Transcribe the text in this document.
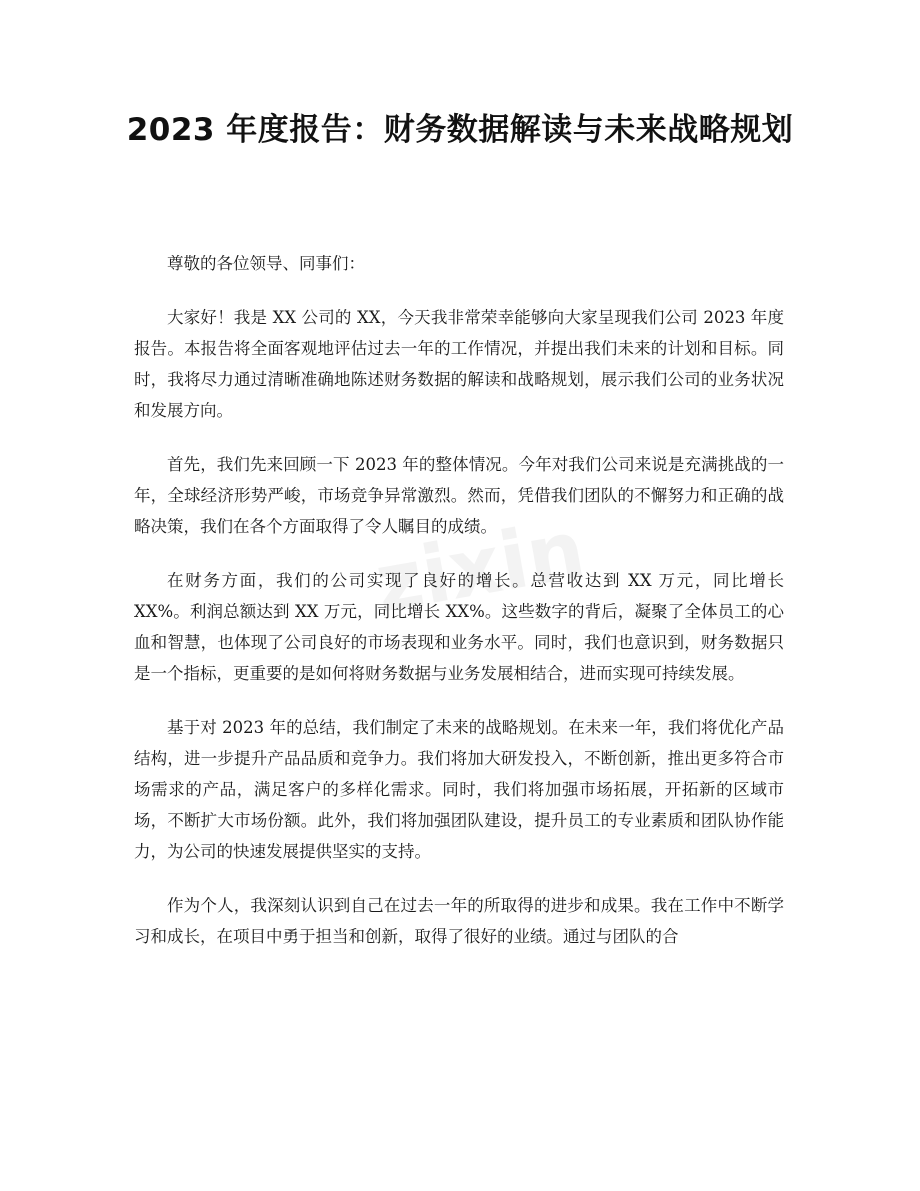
2023 年度报告：财务数据解读与未来战略规划

尊敬的各位领导、同事们：

大家好！我是 XX 公司的 XX，今天我非常荣幸能够向大家呈现我们公司 2023 年度报告。本报告将全面客观地评估过去一年的工作情况，并提出我们未来的计划和目标。同时，我将尽力通过清晰准确地陈述财务数据的解读和战略规划，展示我们公司的业务状况和发展方向。

首先，我们先来回顾一下 2023 年的整体情况。今年对我们公司来说是充满挑战的一年，全球经济形势严峻，市场竞争异常激烈。然而，凭借我们团队的不懈努力和正确的战略决策，我们在各个方面取得了令人瞩目的成绩。

在财务方面，我们的公司实现了良好的增长。总营收达到 XX 万元，同比增长 XX%。利润总额达到 XX 万元，同比增长 XX%。这些数字的背后，凝聚了全体员工的心血和智慧，也体现了公司良好的市场表现和业务水平。同时，我们也意识到，财务数据只是一个指标，更重要的是如何将财务数据与业务发展相结合，进而实现可持续发展。

基于对 2023 年的总结，我们制定了未来的战略规划。在未来一年，我们将优化产品结构，进一步提升产品品质和竞争力。我们将加大研发投入，不断创新，推出更多符合市场需求的产品，满足客户的多样化需求。同时，我们将加强市场拓展，开拓新的区域市场，不断扩大市场份额。此外，我们将加强团队建设，提升员工的专业素质和团队协作能力，为公司的快速发展提供坚实的支持。

作为个人，我深刻认识到自己在过去一年的所取得的进步和成果。我在工作中不断学习和成长，在项目中勇于担当和创新，取得了很好的业绩。通过与团队的合
